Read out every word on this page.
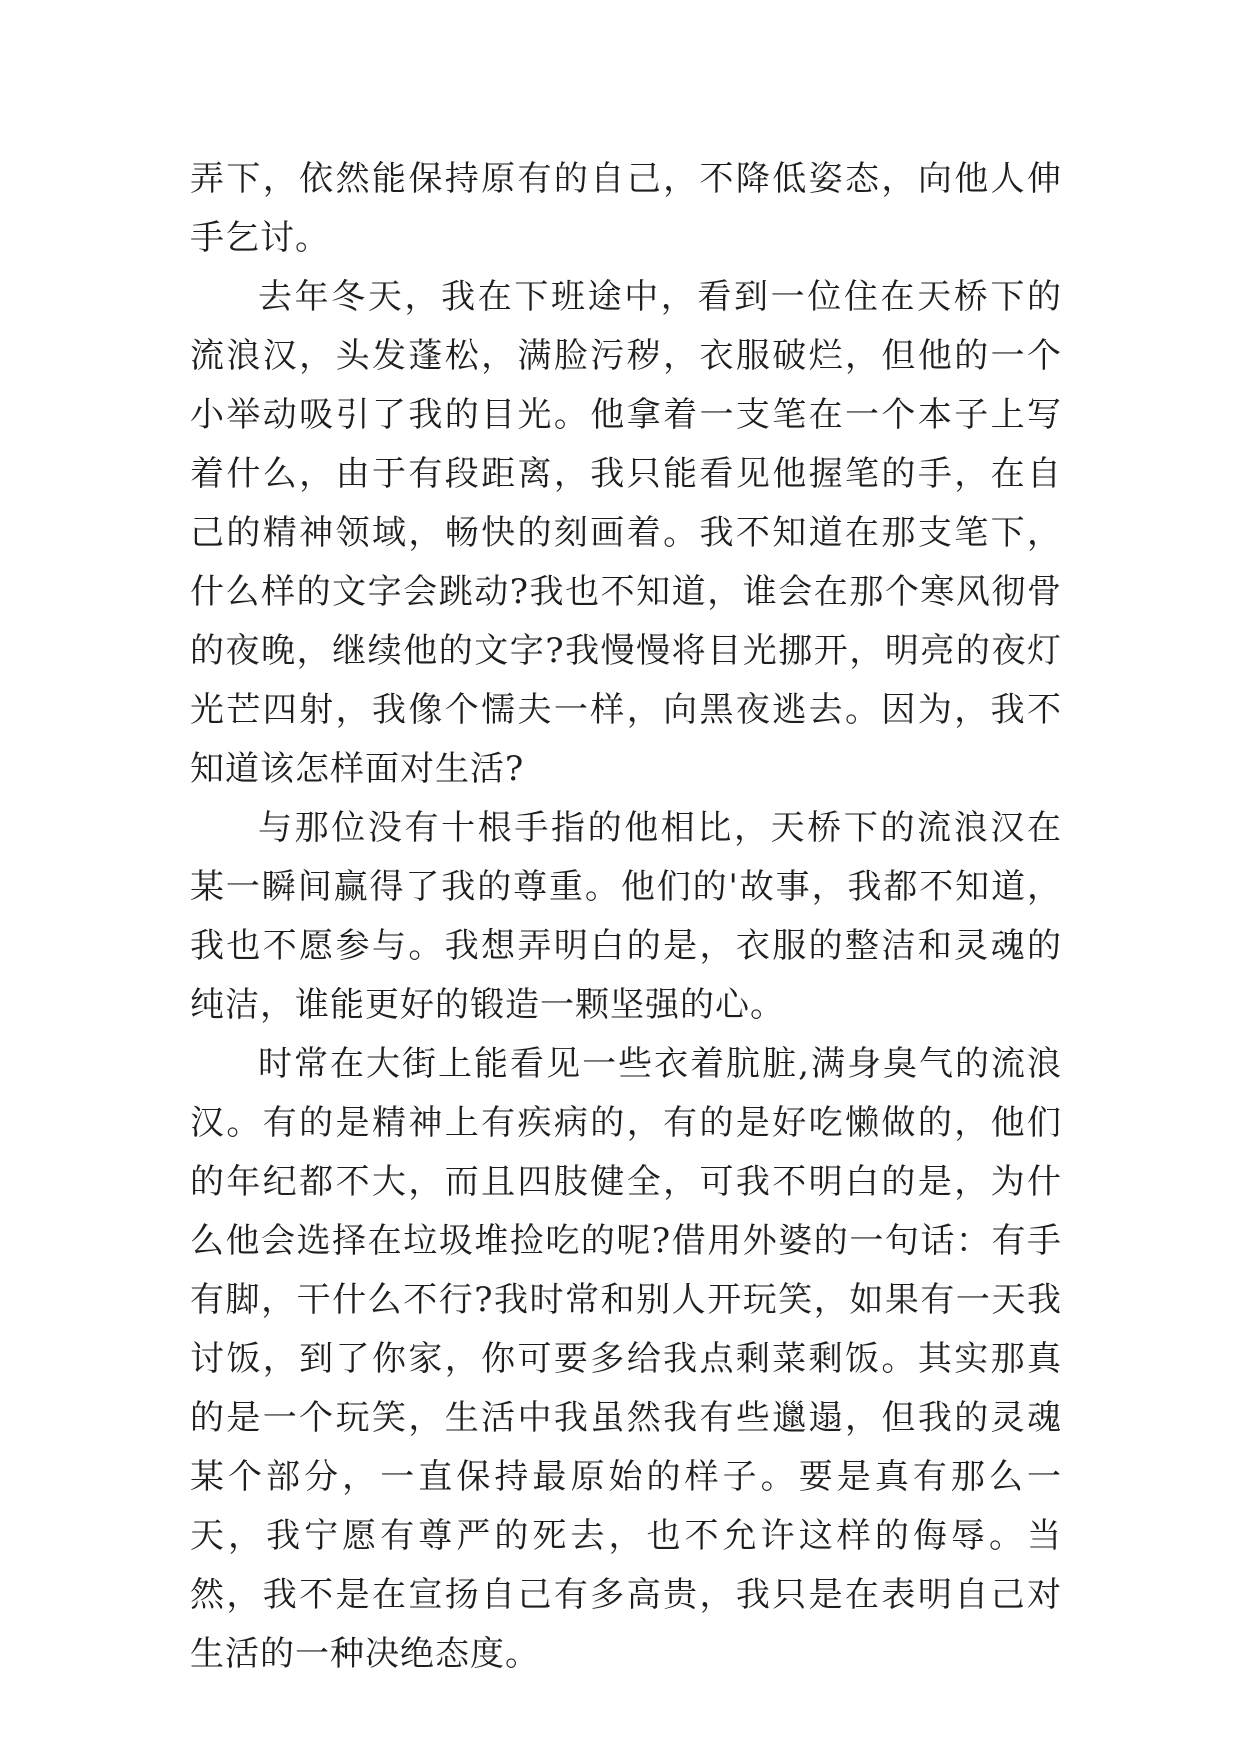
弄下，依然能保持原有的自己，不降低姿态，向他人伸手乞讨。

去年冬天，我在下班途中，看到一位住在天桥下的流浪汉，头发蓬松，满脸污秽，衣服破烂，但他的一个小举动吸引了我的目光。他拿着一支笔在一个本子上写着什么，由于有段距离，我只能看见他握笔的手，在自己的精神领域，畅快的刻画着。我不知道在那支笔下，什么样的文字会跳动?我也不知道，谁会在那个寒风彻骨的夜晚，继续他的文字?我慢慢将目光挪开，明亮的夜灯光芒四射，我像个懦夫一样，向黑夜逃去。因为，我不知道该怎样面对生活?

与那位没有十根手指的他相比，天桥下的流浪汉在某一瞬间赢得了我的尊重。他们的'故事，我都不知道，我也不愿参与。我想弄明白的是，衣服的整洁和灵魂的纯洁，谁能更好的锻造一颗坚强的心。

时常在大街上能看见一些衣着肮脏,满身臭气的流浪汉。有的是精神上有疾病的，有的是好吃懒做的，他们的年纪都不大，而且四肢健全，可我不明白的是，为什么他会选择在垃圾堆捡吃的呢?借用外婆的一句话：有手有脚，干什么不行?我时常和别人开玩笑，如果有一天我讨饭，到了你家，你可要多给我点剩菜剩饭。其实那真的是一个玩笑，生活中我虽然我有些邋遢，但我的灵魂某个部分，一直保持最原始的样子。要是真有那么一天，我宁愿有尊严的死去，也不允许这样的侮辱。当然，我不是在宣扬自己有多高贵，我只是在表明自己对生活的一种决绝态度。
